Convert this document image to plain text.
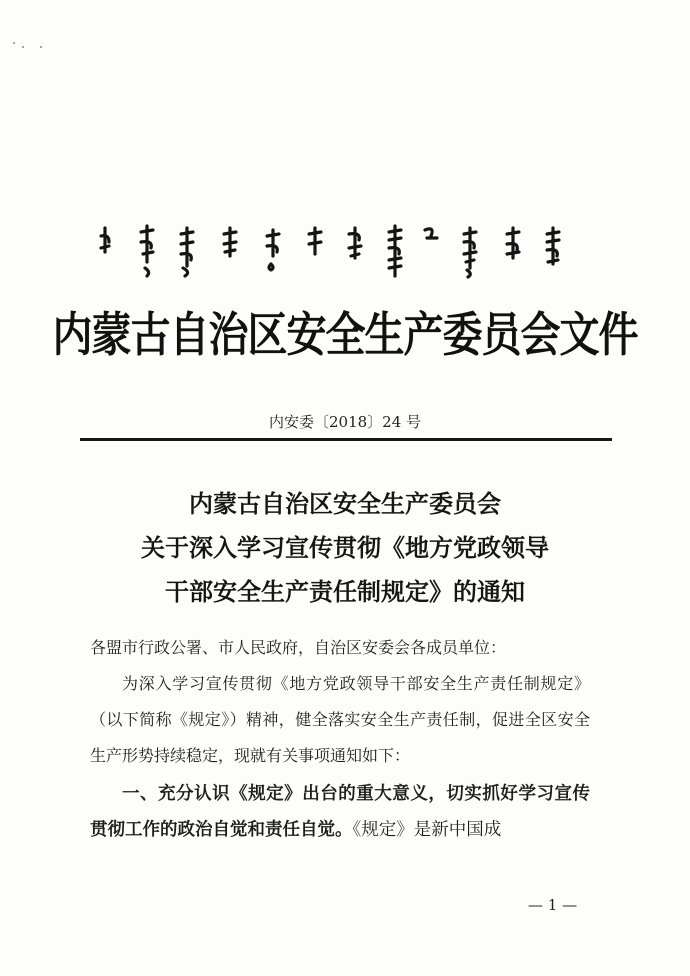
内蒙古自治区安全生产委员会文件
内安委〔2018〕24 号
内蒙古自治区安全生产委员会
关于深入学习宣传贯彻《地方党政领导
干部安全生产责任制规定》的通知

各盟市行政公署、市人民政府，自治区安委会各成员单位：

为深入学习宣传贯彻《地方党政领导干部安全生产责任制规定》（以下简称《规定》）精神，健全落实安全生产责任制，促进全区安全生产形势持续稳定，现就有关事项通知如下：

一、充分认识《规定》出台的重大意义，切实抓好学习宣传贯彻工作的政治自觉和责任自觉。《规定》是新中国成

— 1 —
